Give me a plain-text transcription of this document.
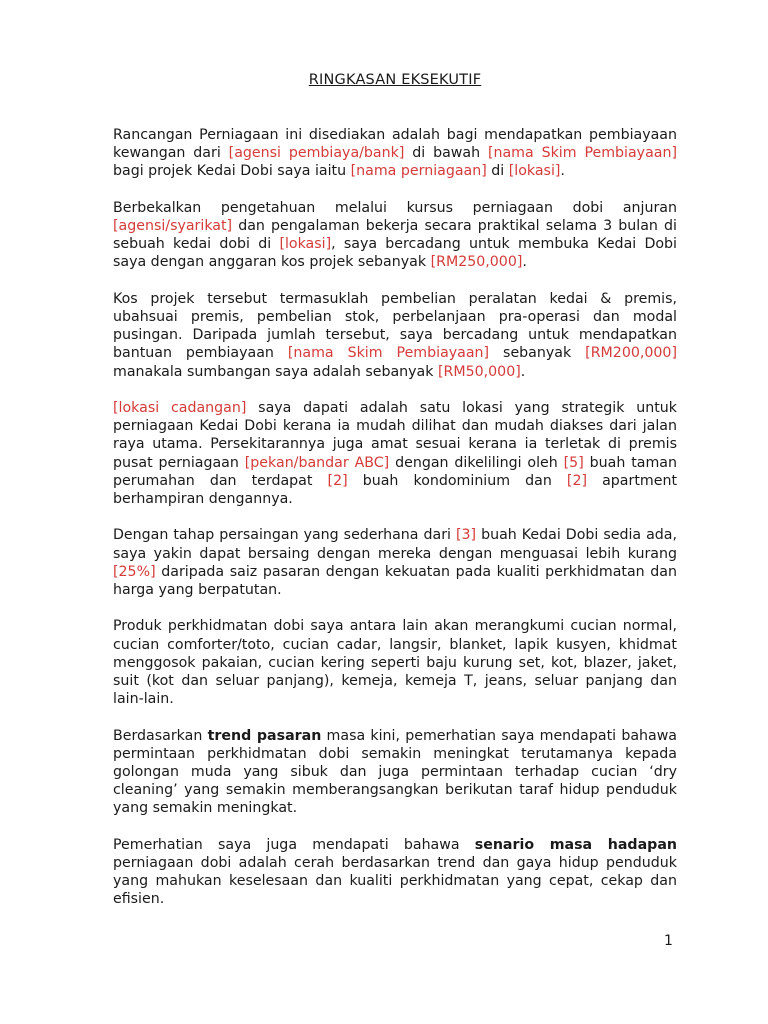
RINGKASAN EKSEKUTIF

Rancangan Perniagaan ini disediakan adalah bagi mendapatkan pembiayaan kewangan dari [agensi pembiaya/bank] di bawah [nama Skim Pembiayaan] bagi projek Kedai Dobi saya iaitu [nama perniagaan] di [lokasi].

Berbekalkan pengetahuan melalui kursus perniagaan dobi anjuran [agensi/syarikat] dan pengalaman bekerja secara praktikal selama 3 bulan di sebuah kedai dobi di [lokasi], saya bercadang untuk membuka Kedai Dobi saya dengan anggaran kos projek sebanyak [RM250,000].

Kos projek tersebut termasuklah pembelian peralatan kedai & premis, ubahsuai premis, pembelian stok, perbelanjaan pra-operasi dan modal pusingan. Daripada jumlah tersebut, saya bercadang untuk mendapatkan bantuan pembiayaan [nama Skim Pembiayaan] sebanyak [RM200,000] manakala sumbangan saya adalah sebanyak [RM50,000].

[lokasi cadangan] saya dapati adalah satu lokasi yang strategik untuk perniagaan Kedai Dobi kerana ia mudah dilihat dan mudah diakses dari jalan raya utama. Persekitarannya juga amat sesuai kerana ia terletak di premis pusat perniagaan [pekan/bandar ABC] dengan dikelilingi oleh [5] buah taman perumahan dan terdapat [2] buah kondominium dan [2] apartment berhampiran dengannya.

Dengan tahap persaingan yang sederhana dari [3] buah Kedai Dobi sedia ada, saya yakin dapat bersaing dengan mereka dengan menguasai lebih kurang [25%] daripada saiz pasaran dengan kekuatan pada kualiti perkhidmatan dan harga yang berpatutan.

Produk perkhidmatan dobi saya antara lain akan merangkumi cucian normal, cucian comforter/toto, cucian cadar, langsir, blanket, lapik kusyen, khidmat menggosok pakaian, cucian kering seperti baju kurung set, kot, blazer, jaket, suit (kot dan seluar panjang), kemeja, kemeja T, jeans, seluar panjang dan lain-lain.

Berdasarkan trend pasaran masa kini, pemerhatian saya mendapati bahawa permintaan perkhidmatan dobi semakin meningkat terutamanya kepada golongan muda yang sibuk dan juga permintaan terhadap cucian ‘dry cleaning’ yang semakin memberangsangkan berikutan taraf hidup penduduk yang semakin meningkat.

Pemerhatian saya juga mendapati bahawa senario masa hadapan perniagaan dobi adalah cerah berdasarkan trend dan gaya hidup penduduk yang mahukan keselesaan dan kualiti perkhidmatan yang cepat, cekap dan efisien.

1
